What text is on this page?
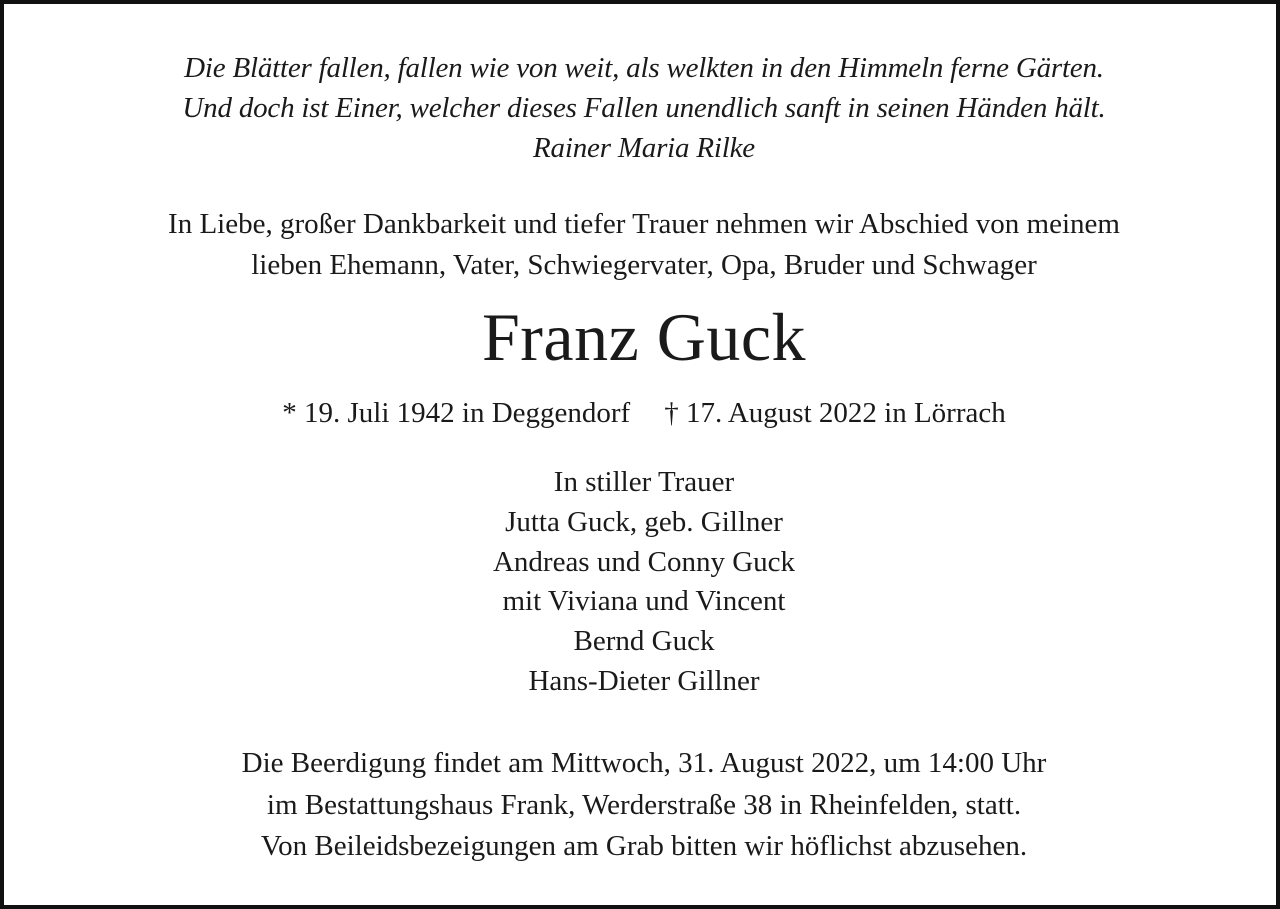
Die Blätter fallen, fallen wie von weit, als welkten in den Himmeln ferne Gärten.
Und doch ist Einer, welcher dieses Fallen unendlich sanft in seinen Händen hält.
Rainer Maria Rilke
In Liebe, großer Dankbarkeit und tiefer Trauer nehmen wir Abschied von meinem
lieben Ehemann, Vater, Schwiegervater, Opa, Bruder und Schwager
Franz Guck
* 19. Juli 1942 in Deggendorf † 17. August 2022 in Lörrach
In stiller Trauer
Jutta Guck, geb. Gillner
Andreas und Conny Guck
mit Viviana und Vincent
Bernd Guck
Hans-Dieter Gillner
Die Beerdigung findet am Mittwoch, 31. August 2022, um 14:00 Uhr
im Bestattungshaus Frank, Werderstraße 38 in Rheinfelden, statt.
Von Beileidsbezeigungen am Grab bitten wir höflichst abzusehen.
